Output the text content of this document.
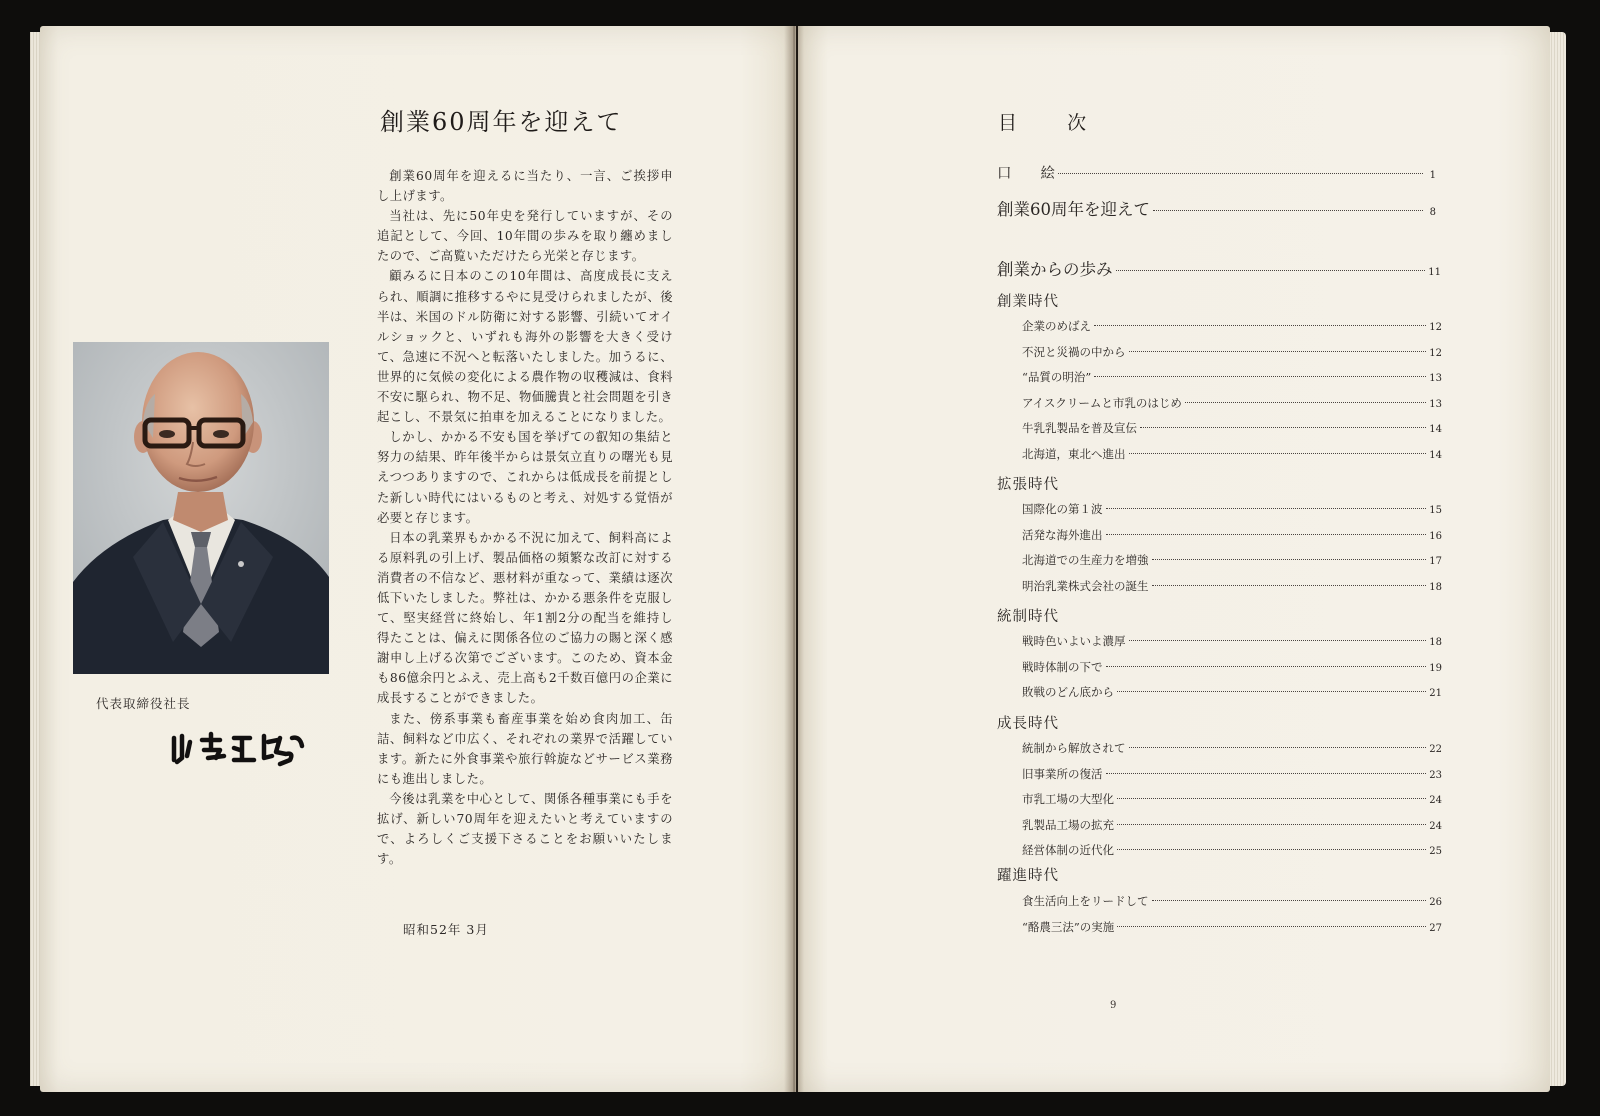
代表取締役社長
創業60周年を迎えて

創業60周年を迎えるに当たり、一言、ご挨拶申し上げます。

当社は、先に50年史を発行していますが、その追記として、今回、10年間の歩みを取り纏めましたので、ご高覧いただけたら光栄と存じます。

顧みるに日本のこの10年間は、高度成長に支えられ、順調に推移するやに見受けられましたが、後半は、米国のドル防衛に対する影響、引続いてオイルショックと、いずれも海外の影響を大きく受けて、急速に不況へと転落いたしました。加うるに、世界的に気候の変化による農作物の収穫減は、食料不安に駆られ、物不足、物価騰貴と社会問題を引き起こし、不景気に拍車を加えることになりました。

しかし、かかる不安も国を挙げての叡知の集結と努力の結果、昨年後半からは景気立直りの曙光も見えつつありますので、これからは低成長を前提とした新しい時代にはいるものと考え、対処する覚悟が必要と存じます。

日本の乳業界もかかる不況に加えて、飼料高による原料乳の引上げ、製品価格の頻繁な改訂に対する消費者の不信など、悪材料が重なって、業績は逐次低下いたしました。弊社は、かかる悪条件を克服して、堅実経営に終始し、年1割2分の配当を維持し得たことは、偏えに関係各位のご協力の賜と深く感謝申し上げる次第でございます。このため、資本金も86億余円とふえ、売上高も2千数百億円の企業に成長することができました。

また、傍系事業も畜産事業を始め食肉加工、缶詰、飼料など巾広く、それぞれの業界で活躍しています。新たに外食事業や旅行斡旋などサービス業務にも進出しました。

今後は乳業を中心として、関係各種事業にも手を拡げ、新しい70周年を迎えたいと考えていますので、よろしくご支援下さることをお願いいたします。

昭和52年 3月
目	次
口　　絵	1
創業60周年を迎えて	8
創業からの歩み	11
創業時代
企業のめばえ	12
不況と災禍の中から	12
“品質の明治”	13
アイスクリームと市乳のはじめ	13
牛乳乳製品を普及宣伝	14
北海道，東北へ進出	14
拡張時代
国際化の第１波	15
活発な海外進出	16
北海道での生産力を増強	17
明治乳業株式会社の誕生	18
統制時代
戦時色いよいよ濃厚	18
戦時体制の下で	19
敗戦のどん底から	21
成長時代
統制から解放されて	22
旧事業所の復活	23
市乳工場の大型化	24
乳製品工場の拡充	24
経営体制の近代化	25
躍進時代
食生活向上をリードして	26
“酪農三法”の実施	27
9
